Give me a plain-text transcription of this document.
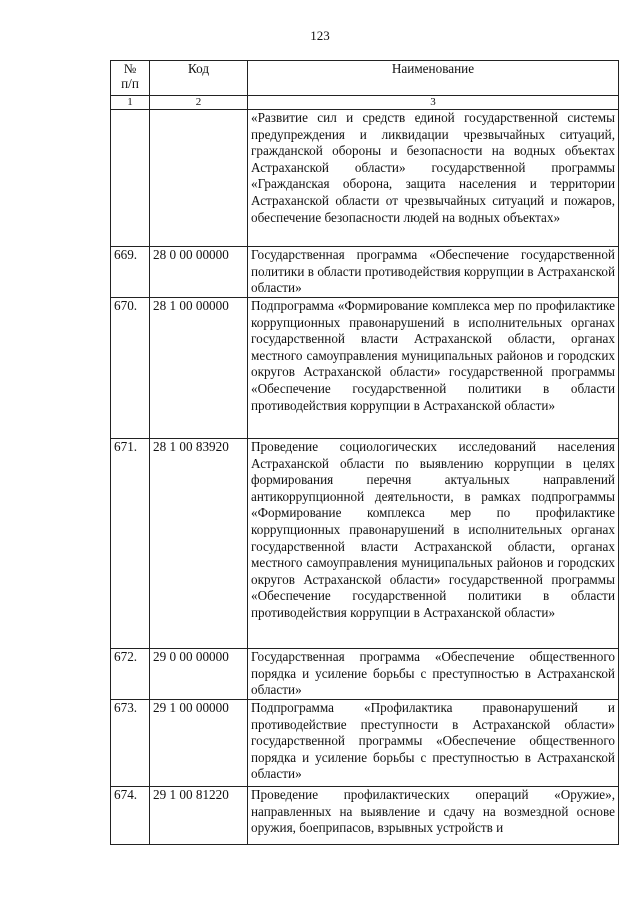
123
№
п/п	Код	Наименование
1	2	3
		«Развитие сил и средств единой государственной системы предупреждения и ликвидации чрезвычайных ситуаций, гражданской обороны и безопасности на водных объектах Астраханской области» государственной программы «Гражданская оборона, защита населения и территории Астраханской области от чрезвычайных ситуаций и пожаров, обеспечение безопасности людей на водных объектах»
669.	28 0 00 00000	Государственная программа «Обеспечение государственной политики в области противодействия коррупции в Астраханской области»
670.	28 1 00 00000	Подпрограмма «Формирование комплекса мер по профилактике коррупционных правонарушений в исполнительных органах государственной власти Астраханской области, органах местного самоуправления муниципальных районов и городских округов Астраханской области» государственной программы «Обеспечение государственной политики в области противодействия коррупции в Астраханской области»
671.	28 1 00 83920	Проведение социологических исследований населения Астраханской области по выявлению коррупции в целях формирования перечня актуальных направлений антикоррупционной деятельности, в рамках подпрограммы «Формирование комплекса мер по профилактике коррупционных правонарушений в исполнительных органах государственной власти Астраханской области, органах местного самоуправления муниципальных районов и городских округов Астраханской области» государственной программы «Обеспечение государственной политики в области противодействия коррупции в Астраханской области»
672.	29 0 00 00000	Государственная программа «Обеспечение общественного порядка и усиление борьбы с преступностью в Астраханской области»
673.	29 1 00 00000	Подпрограмма «Профилактика правонарушений и противодействие преступности в Астраханской области» государственной программы «Обеспечение общественного порядка и усиление борьбы с преступностью в Астраханской области»
674.	29 1 00 81220	Проведение профилактических операций «Оружие», направленных на выявление и сдачу на возмездной основе оружия, боеприпасов, взрывных устройств и
